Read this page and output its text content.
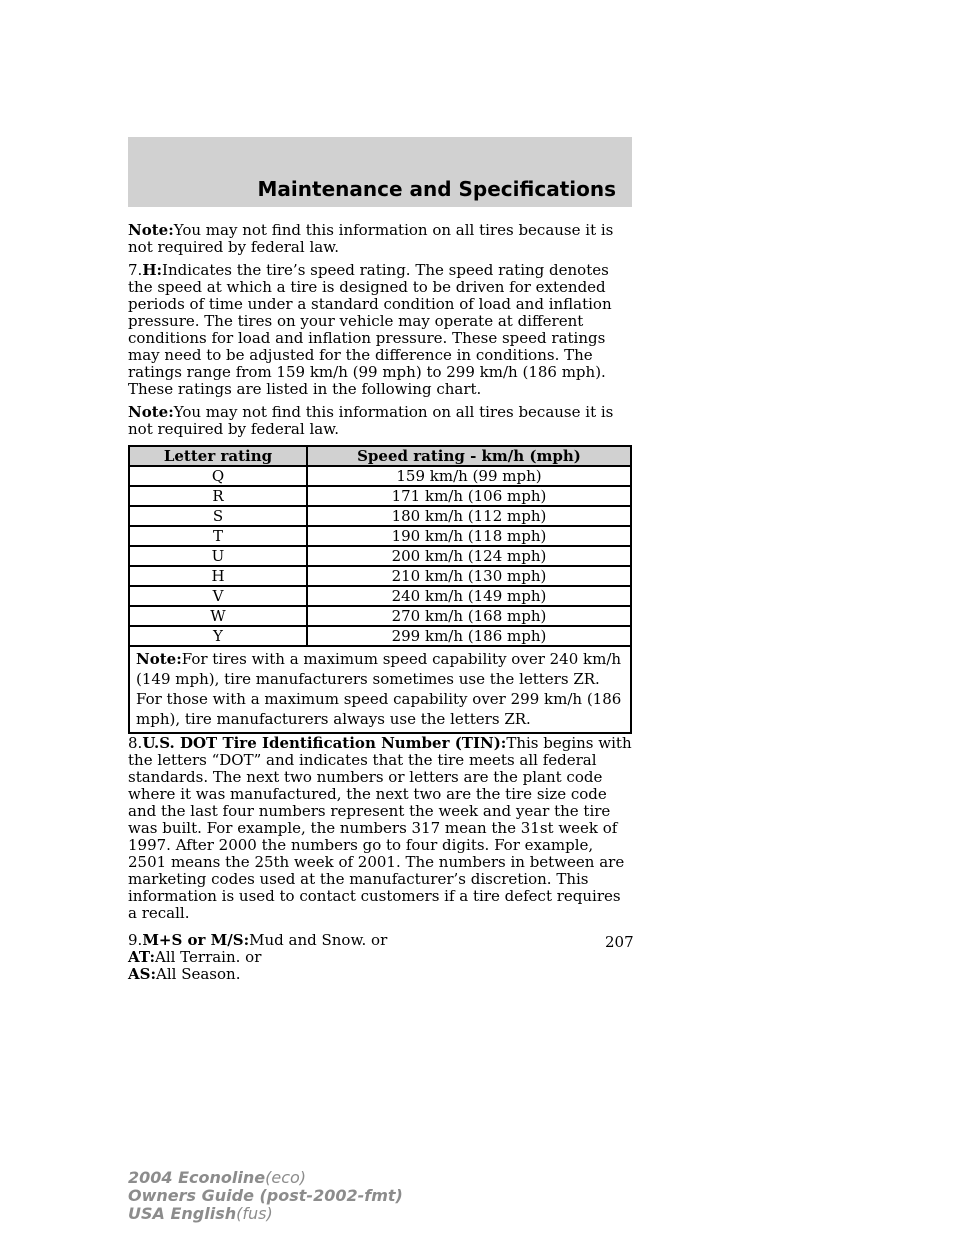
Maintenance and Specifications

Note:You may not find this information on all tires because it is not required by federal law.

7.H:Indicates the tire’s speed rating. The speed rating denotes the speed at which a tire is designed to be driven for extended periods of time under a standard condition of load and inflation pressure. The tires on your vehicle may operate at different conditions for load and inflation pressure. These speed ratings may need to be adjusted for the difference in conditions. The ratings range from 159 km/h (99 mph) to 299 km/h (186 mph). These ratings are listed in the following chart.

Note:You may not find this information on all tires because it is not required by federal law.

Letter rating	Speed rating - km/h (mph)
Q	159 km/h (99 mph)
R	171 km/h (106 mph)
S	180 km/h (112 mph)
T	190 km/h (118 mph)
U	200 km/h (124 mph)
H	210 km/h (130 mph)
V	240 km/h (149 mph)
W	270 km/h (168 mph)
Y	299 km/h (186 mph)
Note:For tires with a maximum speed capability over 240 km/h (149 mph), tire manufacturers sometimes use the letters ZR. For those with a maximum speed capability over 299 km/h (186 mph), tire manufacturers always use the letters ZR.	

8.U.S. DOT Tire Identification Number (TIN):This begins with the letters “DOT” and indicates that the tire meets all federal standards. The next two numbers or letters are the plant code where it was manufactured, the next two are the tire size code and the last four numbers represent the week and year the tire was built. For example, the numbers 317 mean the 31st week of 1997. After 2000 the numbers go to four digits. For example, 2501 means the 25th week of 2001. The numbers in between are marketing codes used at the manufacturer’s discretion. This information is used to contact customers if a tire defect requires a recall.

9.M+S or M/S:Mud and Snow. or
AT:All Terrain. or
AS:All Season.
207
2004 Econoline(eco)
Owners Guide (post-2002-fmt)
USA English(fus)
